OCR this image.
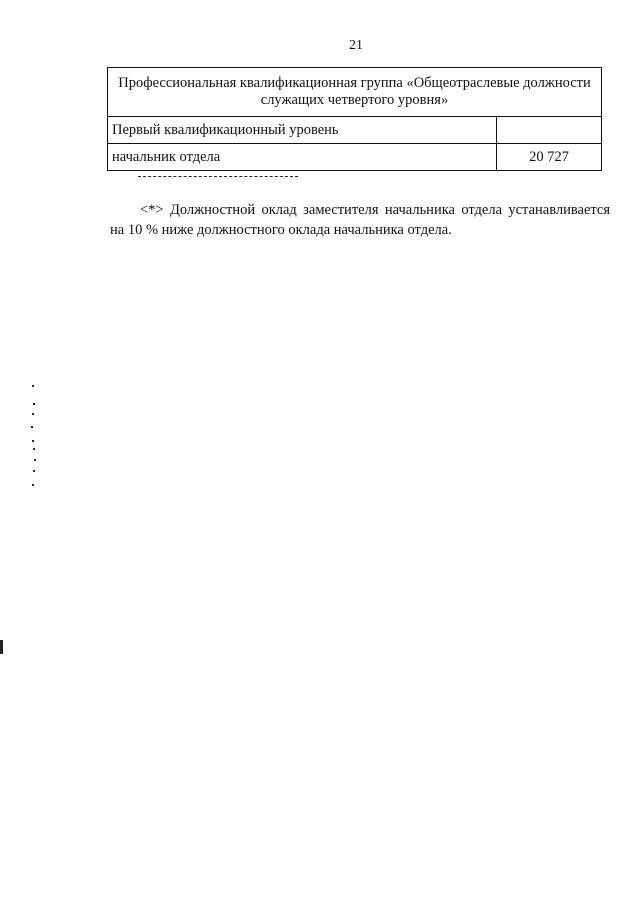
21
Профессиональная квалификационная группа «Общеотраслевые должности служащих четвертого уровня»	
Первый квалификационный уровень	
начальник отдела	20 727
<*> Должностной оклад заместителя начальника отдела устанавливается на 10 % ниже должностного оклада начальника отдела.
